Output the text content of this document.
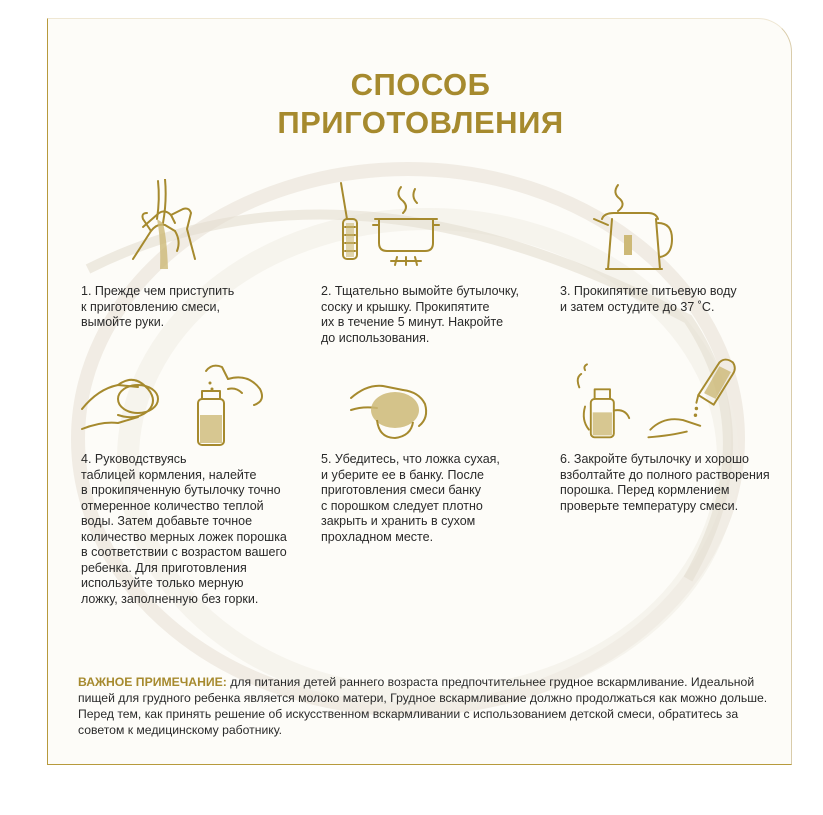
СПОСОБ
ПРИГОТОВЛЕНИЯ
1. Прежде чем приступить
к приготовлению смеси,
вымойте руки.
2. Тщательно вымойте бутылочку,
соску и крышку. Прокипятите
их в течение 5 минут. Накройте
до использования.
3. Прокипятите питьевую воду
и затем остудите до 37 ˚С.
4. Руководствуясь
таблицей кормления, налейте
в прокипяченную бутылочку точно
отмеренное количество теплой
воды. Затем добавьте точное
количество мерных ложек порошка
в соответствии с возрастом вашего
ребенка. Для приготовления
используйте только мерную
ложку, заполненную без горки.
5. Убедитесь, что ложка сухая,
и уберите ее в банку. После
приготовления смеси банку
с порошком следует плотно
закрыть и хранить в сухом
прохладном месте.
6. Закройте бутылочку и хорошо
взболтайте до полного растворения
порошка. Перед кормлением
проверьте температуру смеси.
ВАЖНОЕ ПРИМЕЧАНИЕ: для питания детей раннего возраста предпочтительнее грудное вскармливание. Идеальной пищей для грудного ребенка является молоко матери, Грудное вскармливание должно продолжаться как можно дольше. Перед тем, как принять решение об искусственном вскармливании с использованием детской смеси, обратитесь за советом к медицинскому работнику.
